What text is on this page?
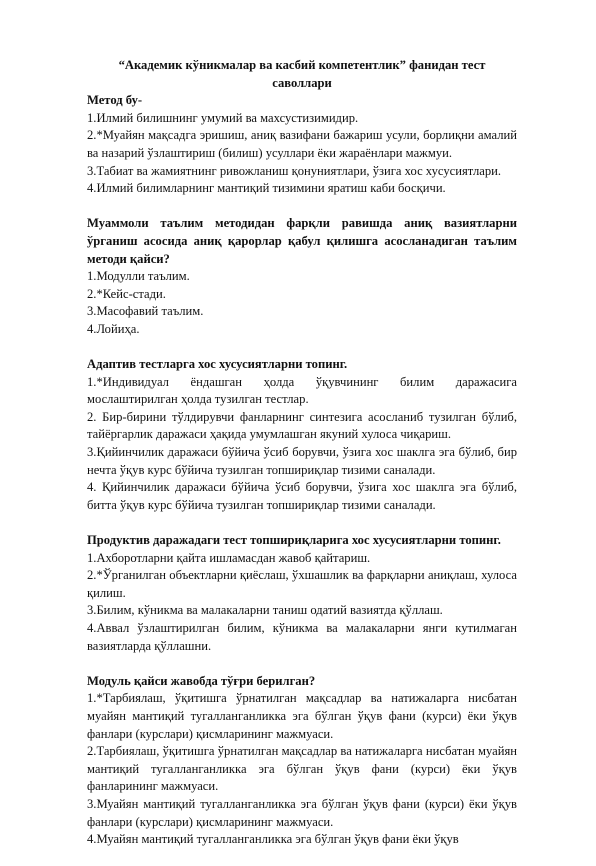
“Академик кўникмалар ва касбий компетентлик” фанидан тест
саволлари

Метод бу-

1.Илмий билишнинг умумий ва махсустизимидир.

2.*Муайян мақсадга эришиш, аниқ вазифани бажариш усули, борлиқни амалий ва назарий ўзлаштириш (билиш) усуллари ёки жараёнлари мажмуи.

3.Табиат ва жамиятнинг ривожланиш қонуниятлари, ўзига хос хусусиятлари.

4.Илмий билимларнинг мантиқий тизимини яратиш каби босқичи.

Муаммоли таълим методидан фарқли равишда аниқ вазиятларни ўрганиш асосида аниқ қарорлар қабул қилишга асосланадиган таълим методи қайси?

1.Модулли таълим.

2.*Кейс-стади.

3.Масофавий таълим.

4.Лойиҳа.

Адаптив тестларга хос хусусиятларни топинг.

1.*Индивидуал ёндашган ҳолда ўқувчининг билим даражасига мослаштирилган ҳолда тузилган тестлар.

2. Бир-бирини тўлдирувчи фанларнинг синтезига асосланиб тузилган бўлиб, тайёргарлик даражаси ҳақида умумлашган якуний хулоса чиқариш.

3.Қийинчилик даражаси бўйича ўсиб борувчи, ўзига хос шаклга эга бўлиб, бир нечта ўқув курс бўйича тузилган топшириқлар тизими саналади.

4. Қийинчилик даражаси бўйича ўсиб борувчи, ўзига хос шаклга эга бўлиб, битта ўқув курс бўйича тузилган топшириқлар тизими саналади.

Продуктив даражадаги тест топшириқларига хос хусусиятларни топинг.

1.Ахборотларни қайта ишламасдан жавоб қайтариш.

2.*Ўрганилган объектларни қиёслаш, ўхшашлик ва фарқларни аниқлаш, хулоса қилиш.

3.Билим, кўникма ва малакаларни таниш одатий вазиятда қўллаш.

4.Аввал ўзлаштирилган билим, кўникма ва малакаларни янги кутилмаган вазиятларда қўллашни.

Модуль қайси жавобда тўғри берилган?

1.*Тарбиялаш, ўқитишга ўрнатилган мақсадлар ва натижаларга нисбатан муайян мантиқий тугалланганликка эга бўлган ўқув фани (курси) ёки ўқув фанлари (курслари) қисмларининг мажмуаси.

2.Тарбиялаш, ўқитишга ўрнатилган мақсадлар ва натижаларга нисбатан муайян мантиқий тугалланганликка эга бўлган ўқув фани (курси) ёки ўқув фанларининг мажмуаси.

3.Муайян мантиқий тугалланганликка эга бўлган ўқув фани (курси) ёки ўқув фанлари (курслари) қисмларининг мажмуаси.

4.Муайян мантиқий тугалланганликка эга бўлган ўқув фани ёки ўқув
